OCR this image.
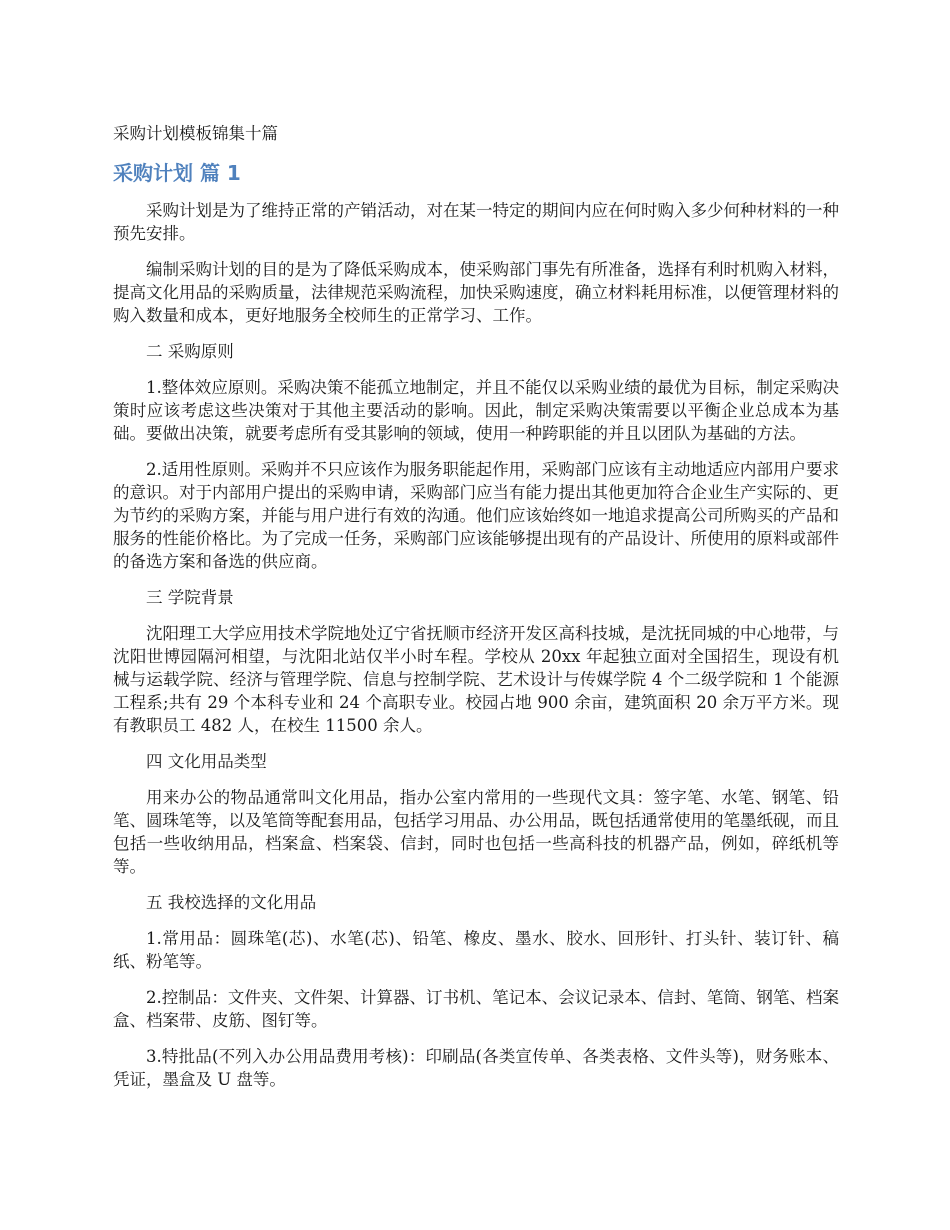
采购计划模板锦集十篇
采购计划 篇 1

采购计划是为了维持正常的产销活动，对在某一特定的期间内应在何时购入多少何种材料的一种预先安排。

编制采购计划的目的是为了降低采购成本，使采购部门事先有所准备，选择有利时机购入材料，提高文化用品的采购质量，法律规范采购流程，加快采购速度，确立材料耗用标准，以便管理材料的购入数量和成本，更好地服务全校师生的正常学习、工作。

二 采购原则

1.整体效应原则。采购决策不能孤立地制定，并且不能仅以采购业绩的最优为目标，制定采购决策时应该考虑这些决策对于其他主要活动的影响。因此，制定采购决策需要以平衡企业总成本为基础。要做出决策，就要考虑所有受其影响的领域，使用一种跨职能的并且以团队为基础的方法。

2.适用性原则。采购并不只应该作为服务职能起作用，采购部门应该有主动地适应内部用户要求的意识。对于内部用户提出的采购申请，采购部门应当有能力提出其他更加符合企业生产实际的、更为节约的采购方案，并能与用户进行有效的沟通。他们应该始终如一地追求提高公司所购买的产品和服务的性能价格比。为了完成一任务，采购部门应该能够提出现有的产品设计、所使用的原料或部件的备选方案和备选的供应商。

三 学院背景

沈阳理工大学应用技术学院地处辽宁省抚顺市经济开发区高科技城，是沈抚同城的中心地带，与沈阳世博园隔河相望，与沈阳北站仅半小时车程。学校从 20xx 年起独立面对全国招生，现设有机械与运载学院、经济与管理学院、信息与控制学院、艺术设计与传媒学院 4 个二级学院和 1 个能源工程系;共有 29 个本科专业和 24 个高职专业。校园占地 900 余亩，建筑面积 20 余万平方米。现有教职员工 482 人，在校生 11500 余人。

四 文化用品类型

用来办公的物品通常叫文化用品，指办公室内常用的一些现代文具：签字笔、水笔、钢笔、铅笔、圆珠笔等，以及笔筒等配套用品，包括学习用品、办公用品，既包括通常使用的笔墨纸砚，而且包括一些收纳用品，档案盒、档案袋、信封，同时也包括一些高科技的机器产品，例如，碎纸机等等。

五 我校选择的文化用品

1.常用品：圆珠笔(芯)、水笔(芯)、铅笔、橡皮、墨水、胶水、回形针、打头针、装订针、稿纸、粉笔等。

2.控制品：文件夹、文件架、计算器、订书机、笔记本、会议记录本、信封、笔筒、钢笔、档案盒、档案带、皮筋、图钉等。

3.特批品(不列入办公用品费用考核)：印刷品(各类宣传单、各类表格、文件头等)，财务账本、凭证，墨盒及 U 盘等。
